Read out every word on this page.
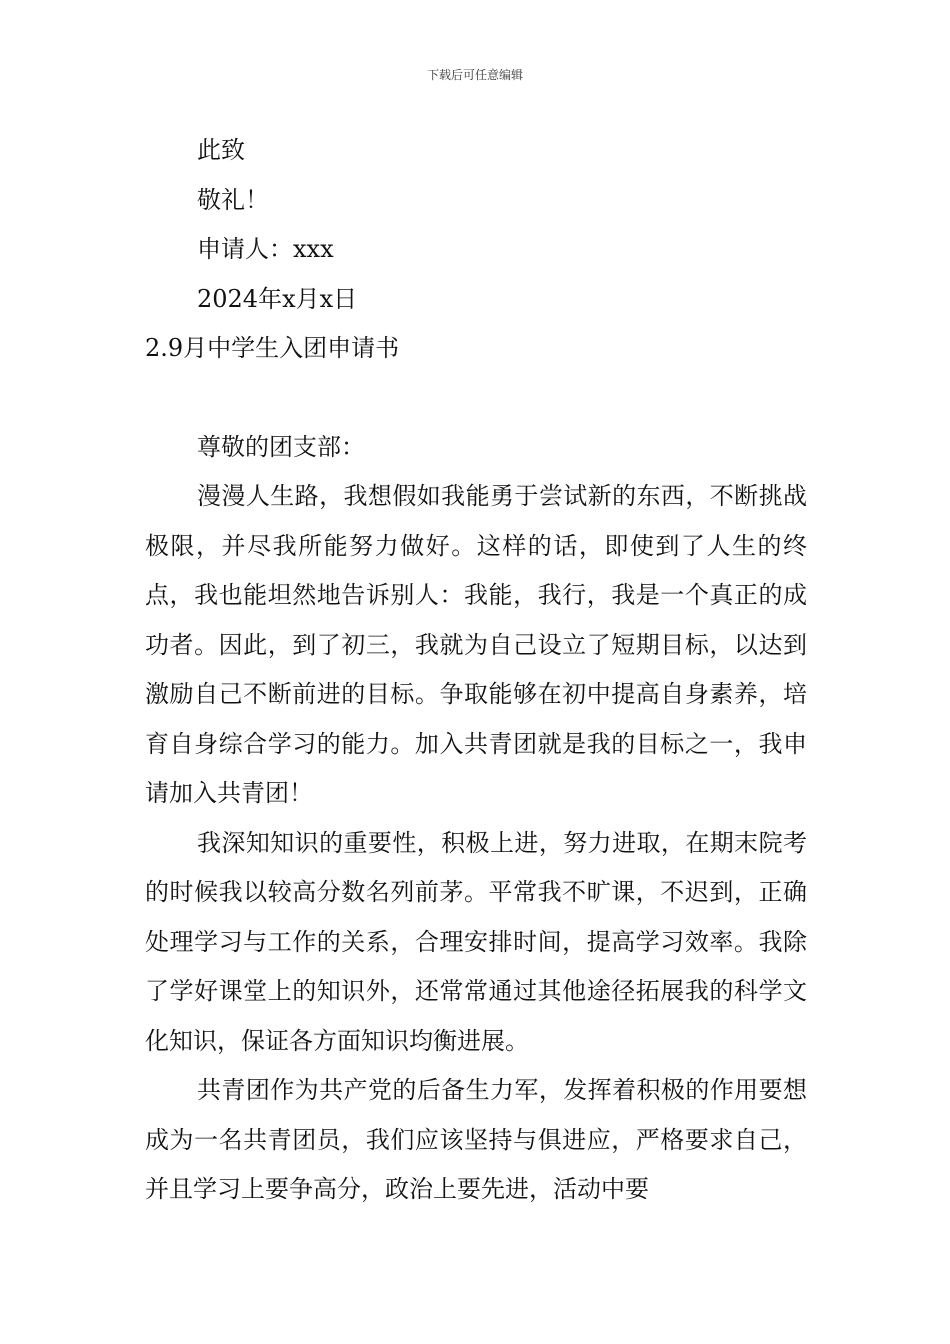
下载后可任意编辑

此致

敬礼！

申请人：xxx

2024年x月x日

2.9月中学生入团申请书

尊敬的团支部：

漫漫人生路，我想假如我能勇于尝试新的东西，不断挑战极限，并尽我所能努力做好。这样的话，即使到了人生的终点，我也能坦然地告诉别人：我能，我行，我是一个真正的成功者。因此，到了初三，我就为自己设立了短期目标，以达到激励自己不断前进的目标。争取能够在初中提高自身素养，培育自身综合学习的能力。加入共青团就是我的目标之一，我申请加入共青团！

我深知知识的重要性，积极上进，努力进取，在期末院考的时候我以较高分数名列前茅。平常我不旷课，不迟到，正确处理学习与工作的关系，合理安排时间，提高学习效率。我除了学好课堂上的知识外，还常常通过其他途径拓展我的科学文化知识，保证各方面知识均衡进展。

共青团作为共产党的后备生力军，发挥着积极的作用要想成为一名共青团员，我们应该坚持与俱进应，严格要求自己，并且学习上要争高分，政治上要先进，活动中要
